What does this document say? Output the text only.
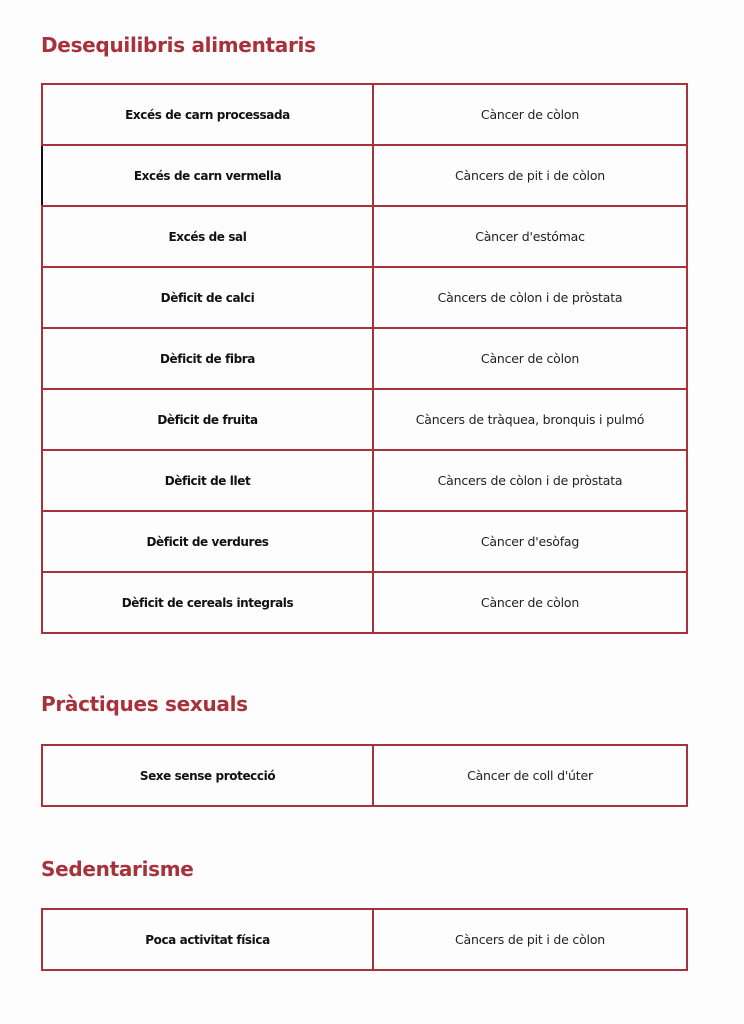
Desequilibris alimentaris
Excés de carn processada	Càncer de còlon
Excés de carn vermella	Càncers de pit i de còlon
Excés de sal	Càncer d'estómac
Dèficit de calci	Càncers de còlon i de pròstata
Dèficit de fibra	Càncer de còlon
Dèficit de fruita	Càncers de tràquea, bronquis i pulmó
Dèficit de llet	Càncers de còlon i de pròstata
Dèficit de verdures	Càncer d'esòfag
Dèficit de cereals integrals	Càncer de còlon
Pràctiques sexuals
Sexe sense protecció	Càncer de coll d'úter
Sedentarisme
Poca activitat física	Càncers de pit i de còlon
